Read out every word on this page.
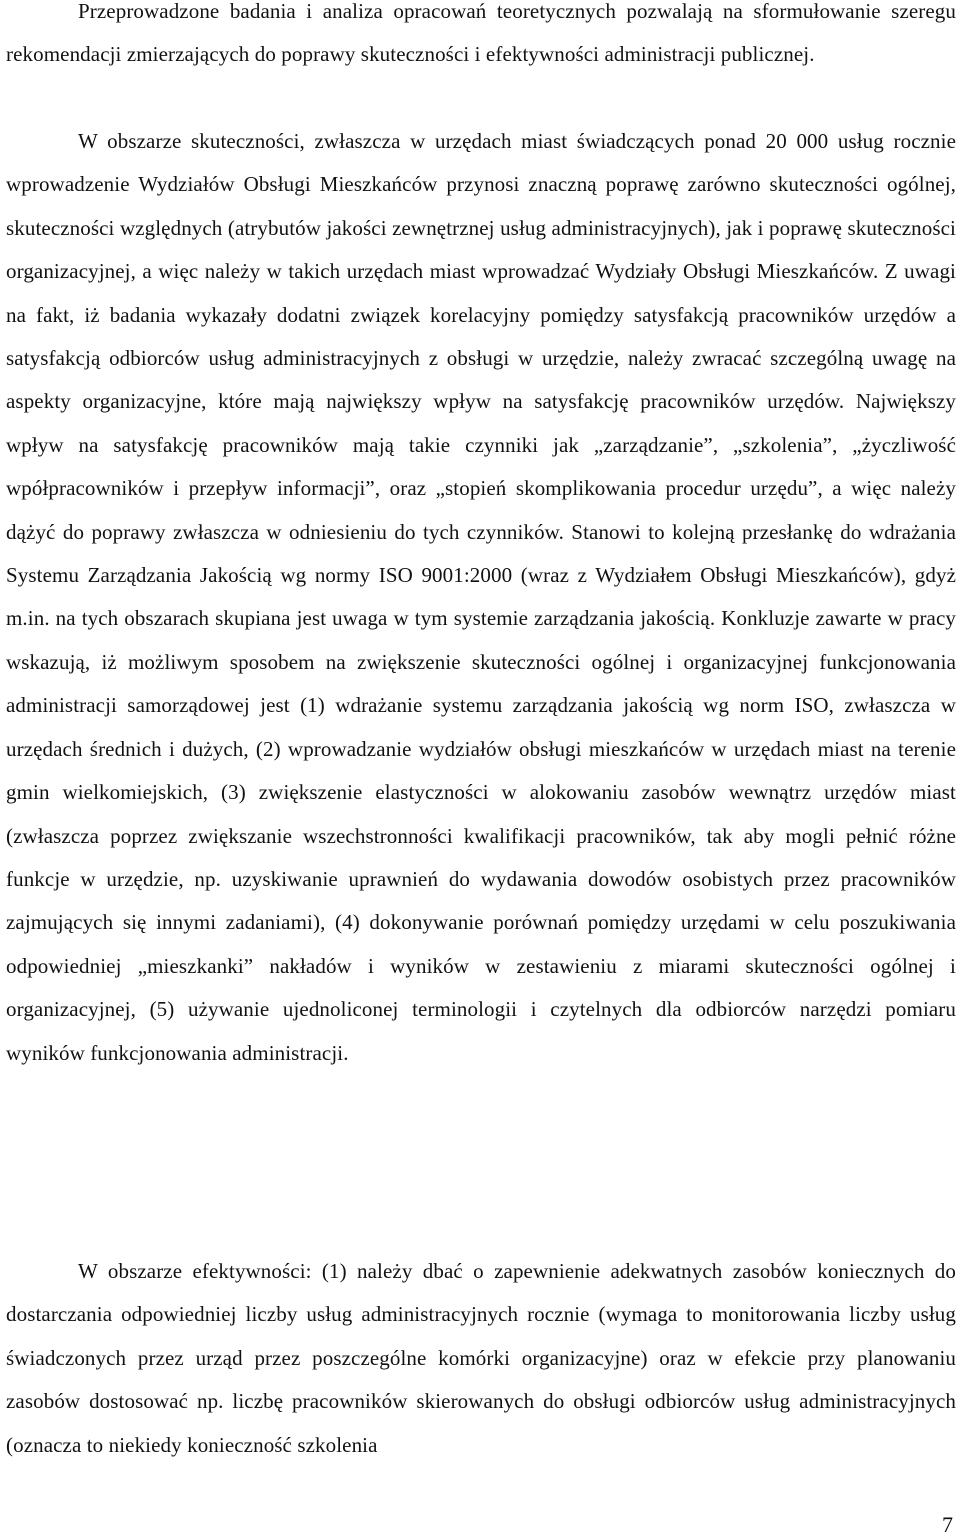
Przeprowadzone badania i analiza opracowań teoretycznych pozwalają na sformułowanie szeregu rekomendacji zmierzających do poprawy skuteczności i efektywności administracji publicznej.

W obszarze skuteczności, zwłaszcza w urzędach miast świadczących ponad 20 000 usług rocznie wprowadzenie Wydziałów Obsługi Mieszkańców przynosi znaczną poprawę zarówno skuteczności ogólnej, skuteczności względnych (atrybutów jakości zewnętrznej usług administracyjnych), jak i poprawę skuteczności organizacyjnej, a więc należy w takich urzędach miast wprowadzać Wydziały Obsługi Mieszkańców. Z uwagi na fakt, iż badania wykazały dodatni związek korelacyjny pomiędzy satysfakcją pracowników urzędów a satysfakcją odbiorców usług administracyjnych z obsługi w urzędzie, należy zwracać szczególną uwagę na aspekty organizacyjne, które mają największy wpływ na satysfakcję pracowników urzędów. Największy wpływ na satysfakcję pracowników mają takie czynniki jak „zarządzanie”, „szkolenia”, „życzliwość wpółpracowników i przepływ informacji”, oraz „stopień skomplikowania procedur urzędu”, a więc należy dążyć do poprawy zwłaszcza w odniesieniu do tych czynników. Stanowi to kolejną przesłankę do wdrażania Systemu Zarządzania Jakością wg normy ISO 9001:2000 (wraz z Wydziałem Obsługi Mieszkańców), gdyż m.in. na tych obszarach skupiana jest uwaga w tym systemie zarządzania jakością. Konkluzje zawarte w pracy wskazują, iż możliwym sposobem na zwiększenie skuteczności ogólnej i organizacyjnej funkcjonowania administracji samorządowej jest (1) wdrażanie systemu zarządzania jakością wg norm ISO, zwłaszcza w urzędach średnich i dużych, (2) wprowadzanie wydziałów obsługi mieszkańców w urzędach miast na terenie gmin wielkomiejskich, (3) zwiększenie elastyczności w alokowaniu zasobów wewnątrz urzędów miast (zwłaszcza poprzez zwiększanie wszechstronności kwalifikacji pracowników, tak aby mogli pełnić różne funkcje w urzędzie, np. uzyskiwanie uprawnień do wydawania dowodów osobistych przez pracowników zajmujących się innymi zadaniami), (4) dokonywanie porównań pomiędzy urzędami w celu poszukiwania odpowiedniej „mieszkanki” nakładów i wyników w zestawieniu z miarami skuteczności ogólnej i organizacyjnej, (5) używanie ujednoliconej terminologii i czytelnych dla odbiorców narzędzi pomiaru wyników funkcjonowania administracji.

W obszarze efektywności: (1) należy dbać o zapewnienie adekwatnych zasobów koniecznych do dostarczania odpowiedniej liczby usług administracyjnych rocznie (wymaga to monitorowania liczby usług świadczonych przez urząd przez poszczególne komórki organizacyjne) oraz w efekcie przy planowaniu zasobów dostosować np. liczbę pracowników skierowanych do obsługi odbiorców usług administracyjnych (oznacza to niekiedy konieczność szkolenia

7
